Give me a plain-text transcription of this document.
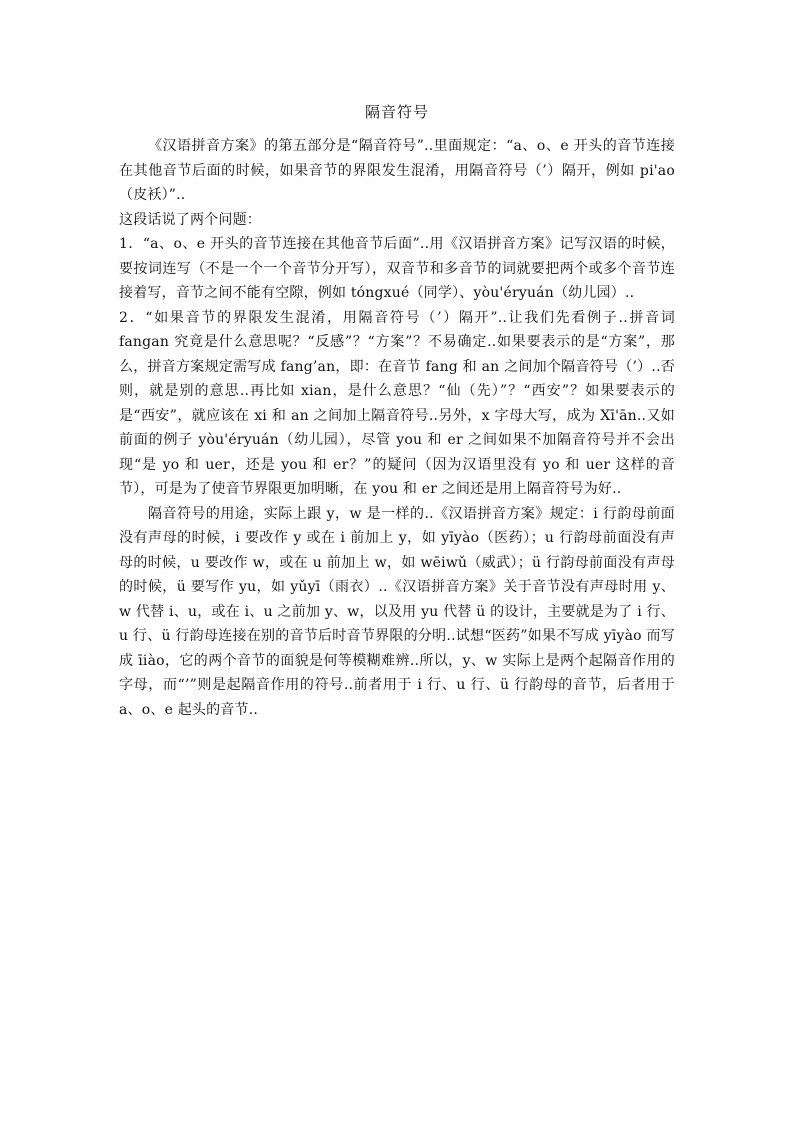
隔音符号

《汉语拼音方案》的第五部分是“隔音符号”..里面规定：“a、o、e 开头的音节连接在其他音节后面的时候，如果音节的界限发生混淆，用隔音符号（’）隔开，例如 pi'ao（皮袄）”..

这段话说了两个问题：

1．“a、o、e 开头的音节连接在其他音节后面”..用《汉语拼音方案》记写汉语的时候，要按词连写（不是一个一个音节分开写），双音节和多音节的词就要把两个或多个音节连接着写，音节之间不能有空隙，例如 tóngxué（同学）、yòu'éryuán（幼儿园）..

2．“如果音节的界限发生混淆，用隔音符号（’）隔开”..让我们先看例子..拼音词 fangan 究竟是什么意思呢？“反感”？“方案”？不易确定..如果要表示的是“方案”，那么，拼音方案规定需写成 fang’an，即：在音节 fang 和 an 之间加个隔音符号（’）..否则，就是别的意思..再比如 xian，是什么意思？“仙（先）”？“西安”？如果要表示的是“西安”，就应该在 xi 和 an 之间加上隔音符号..另外，x 字母大写，成为 Xī'ān..又如前面的例子 yòu'éryuán（幼儿园），尽管 you 和 er 之间如果不加隔音符号并不会出现“是 yo 和 uer，还是 you 和 er？”的疑问（因为汉语里没有 yo 和 uer 这样的音节），可是为了使音节界限更加明晰，在 you 和 er 之间还是用上隔音符号为好..

隔音符号的用途，实际上跟 y，w 是一样的..《汉语拼音方案》规定：i 行韵母前面没有声母的时候，i 要改作 y 或在 i 前加上 y，如 yīyào（医药）；u 行韵母前面没有声母的时候，u 要改作 w，或在 u 前加上 w，如 wēiwǔ（威武）；ü 行韵母前面没有声母的时候，ü 要写作 yu，如 yǔyī（雨衣）..《汉语拼音方案》关于音节没有声母时用 y、w 代替 i、u，或在 i、u 之前加 y、w，以及用 yu 代替 ü 的设计，主要就是为了 i 行、u 行、ü 行韵母连接在别的音节后时音节界限的分明..试想“医药”如果不写成 yīyào 而写成 īiào，它的两个音节的面貌是何等模糊难辨..所以，y、w 实际上是两个起隔音作用的字母，而“’”则是起隔音作用的符号..前者用于 i 行、u 行、ü 行韵母的音节，后者用于 a、o、e 起头的音节..
